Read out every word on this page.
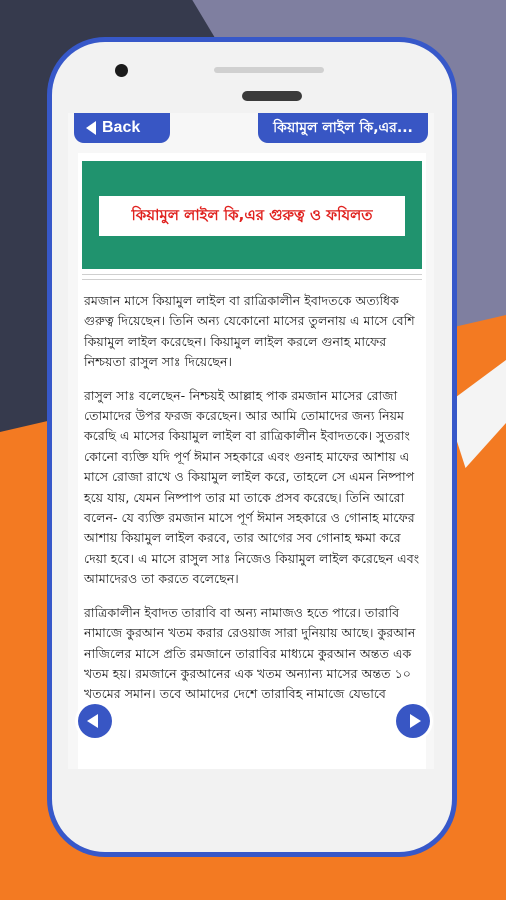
Back	কিয়ামুল লাইল কি,এর...
কিয়ামুল লাইল কি,এর গুরুত্ব ও ফযিলত

রমজান মাসে কিয়ামুল লাইল বা রাত্রিকালীন ইবাদতকে অত্যধিক গুরুত্ব দিয়েছেন। তিনি অন্য যেকোনো মাসের তুলনায় এ মাসে বেশি কিয়ামুল লাইল করেছেন। কিয়ামুল লাইল করলে গুনাহ মাফের নিশ্চয়তা রাসুল সাঃ দিয়েছেন।

রাসুল সাঃ বলেছেন- নিশ্চয়ই আল্লাহ পাক রমজান মাসের রোজা তোমাদের উপর ফরজ করেছেন। আর আমি তোমাদের জন্য নিয়ম করেছি এ মাসের কিয়ামুল লাইল বা রাত্রিকালীন ইবাদতকে। সুতরাং কোনো ব্যক্তি যদি পূর্ণ ঈমান সহকারে এবং গুনাহ মাফের আশায় এ মাসে রোজা রাখে ও কিয়ামুল লাইল করে, তাহলে সে এমন নিষ্পাপ হয়ে যায়, যেমন নিষ্পাপ তার মা তাকে প্রসব করেছে। তিনি আরো বলেন- যে ব্যক্তি রমজান মাসে পূর্ণ ঈমান সহকারে ও গোনাহ মাফের আশায় কিয়ামুল লাইল করবে, তার আগের সব গোনাহ ক্ষমা করে দেয়া হবে। এ মাসে রাসুল সাঃ নিজেও কিয়ামুল লাইল করেছেন এবং আমাদেরও তা করতে বলেছেন।

রাত্রিকালীন ইবাদত তারাবি বা অন্য নামাজও হতে পারে। তারাবি নামাজে কুরআন খতম করার রেওয়াজ সারা দুনিয়ায় আছে। কুরআন নাজিলের মাসে প্রতি রমজানে তারাবির মাধ্যমে কুরআন অন্তত এক খতম হয়। রমজানে কুরআনের এক খতম অন্যান্য মাসের অন্তত ১০ খতমের সমান। তবে আমাদের দেশে তারাবিহ নামাজে যেভাবে
